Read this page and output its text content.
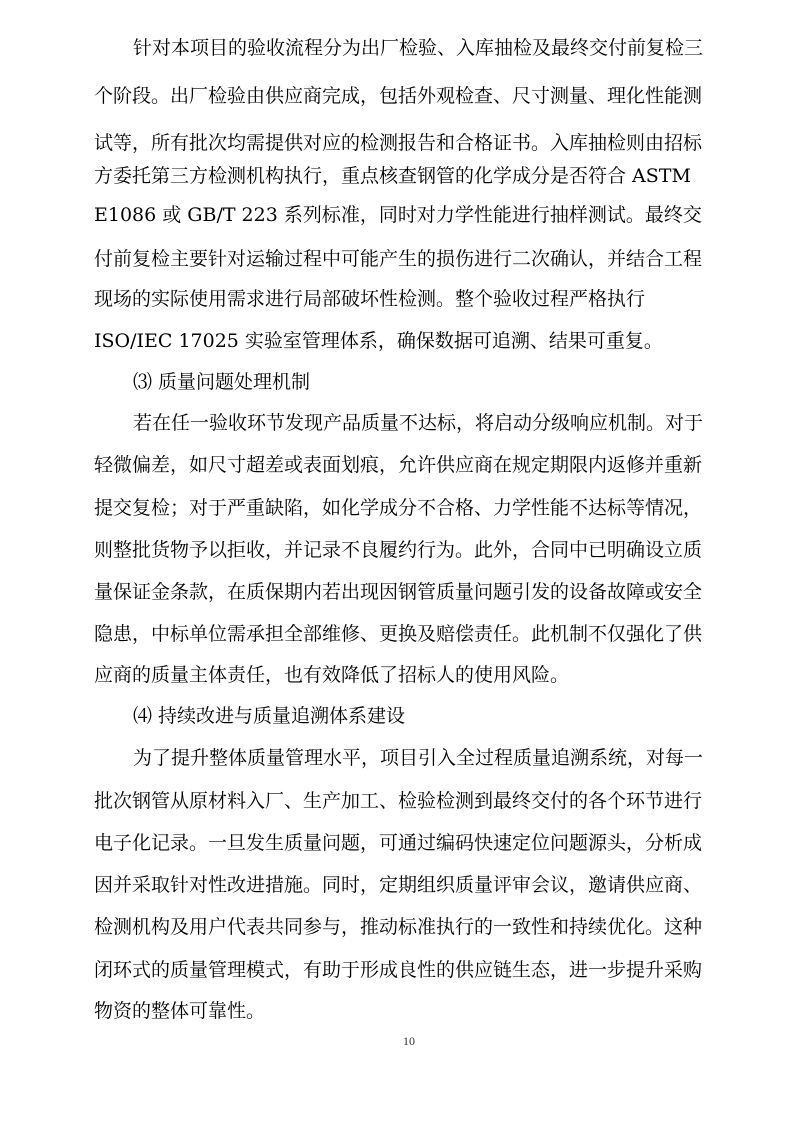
针对本项目的验收流程分为出厂检验、入库抽检及最终交付前复检三
个阶段。出厂检验由供应商完成，包括外观检查、尺寸测量、理化性能测
试等，所有批次均需提供对应的检测报告和合格证书。入库抽检则由招标
方委托第三方检测机构执行，重点核查钢管的化学成分是否符合 ASTM
E1086 或 GB/T 223 系列标准，同时对力学性能进行抽样测试。最终交
付前复检主要针对运输过程中可能产生的损伤进行二次确认，并结合工程
现场的实际使用需求进行局部破坏性检测。整个验收过程严格执行
ISO/IEC 17025 实验室管理体系，确保数据可追溯、结果可重复。
⑶ 质量问题处理机制
若在任一验收环节发现产品质量不达标，将启动分级响应机制。对于
轻微偏差，如尺寸超差或表面划痕，允许供应商在规定期限内返修并重新
提交复检；对于严重缺陷，如化学成分不合格、力学性能不达标等情况，
则整批货物予以拒收，并记录不良履约行为。此外，合同中已明确设立质
量保证金条款，在质保期内若出现因钢管质量问题引发的设备故障或安全
隐患，中标单位需承担全部维修、更换及赔偿责任。此机制不仅强化了供
应商的质量主体责任，也有效降低了招标人的使用风险。
⑷ 持续改进与质量追溯体系建设
为了提升整体质量管理水平，项目引入全过程质量追溯系统，对每一
批次钢管从原材料入厂、生产加工、检验检测到最终交付的各个环节进行
电子化记录。一旦发生质量问题，可通过编码快速定位问题源头，分析成
因并采取针对性改进措施。同时，定期组织质量评审会议，邀请供应商、
检测机构及用户代表共同参与，推动标准执行的一致性和持续优化。这种
闭环式的质量管理模式，有助于形成良性的供应链生态，进一步提升采购
物资的整体可靠性。
10
